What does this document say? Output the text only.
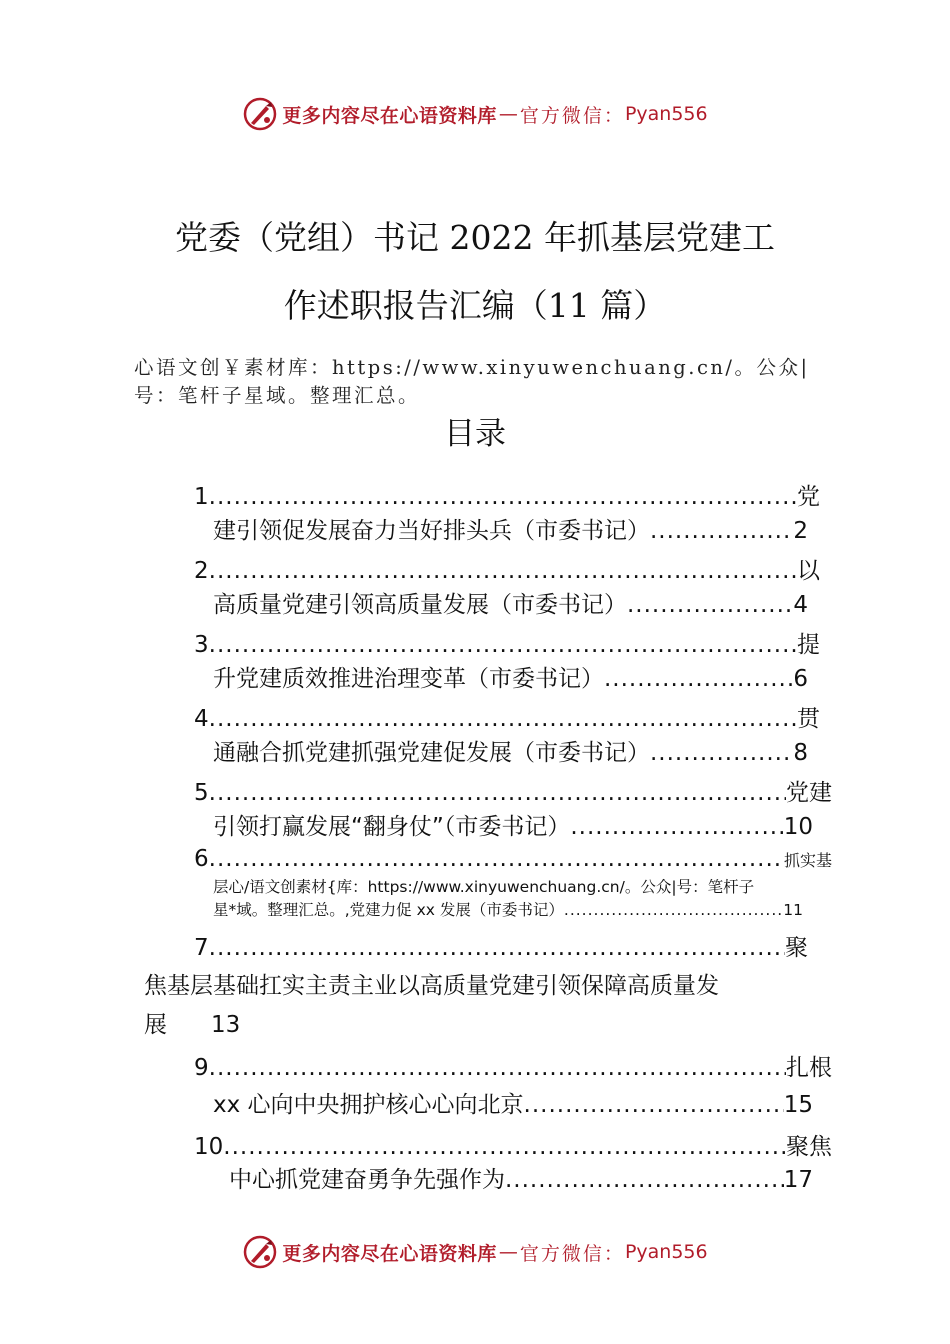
更多内容尽在心语资料库 — 官方微信： Pyan556
党委（党组）书记 2022 年抓基层党建工
作述职报告汇编（11 篇）
心语文创￥素材库：https://www.xinyuwenchuang.cn/。公众|
号：笔杆子星域。整理汇总。
目录
1 .....	党
建引领促发展奋力当好排头兵（市委书记） .....	2
2 .....	以
高质量党建引领高质量发展（市委书记） .....	4
3 .....	提
升党建质效推进治理变革（市委书记） .....	6
4 .....	贯
通融合抓党建抓强党建促发展（市委书记） .....	8
5 .....	党建
引领打赢发展“翻身仗”（市委书记） .....	10
6 .....	抓实基
层心/语文创素材{库：https://www.xinyuwenchuang.cn/。公众|号：笔杆子
星*域。整理汇总。,党建力促 xx 发展（市委书记） .....	11
7 .....	聚
焦基层基础扛实主责主业以高质量党建引领保障高质量发
展 13
9 .....	扎根
xx 心向中央拥护核心心向北京 .....	15
10 .....	聚焦
中心抓党建奋勇争先强作为 .....	17
更多内容尽在心语资料库 — 官方微信： Pyan556
